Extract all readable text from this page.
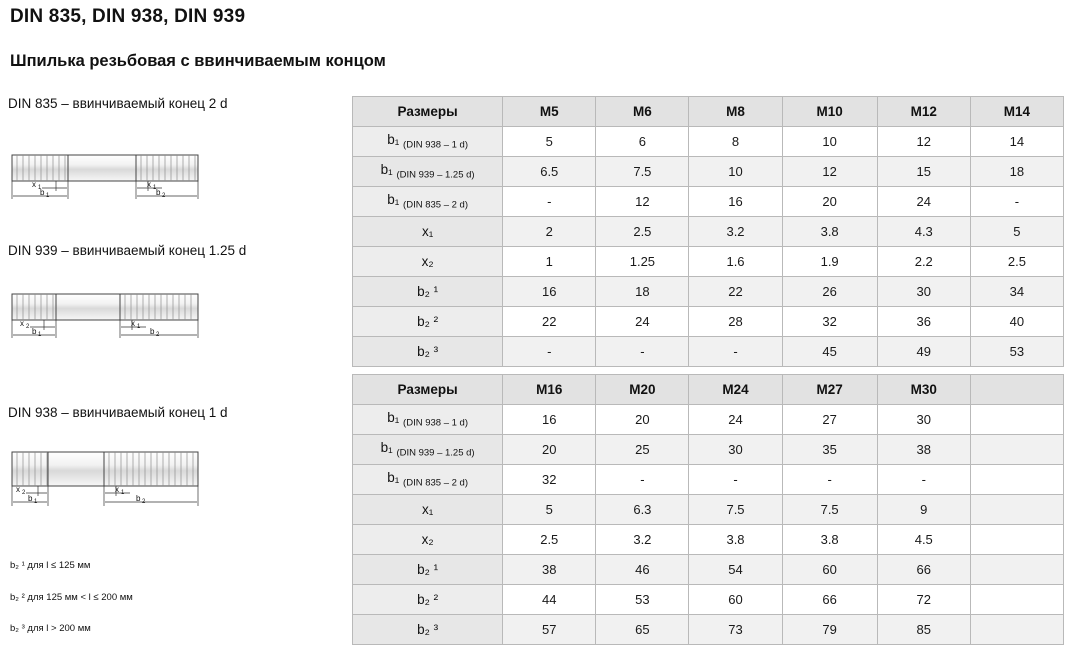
DIN 835, DIN 938, DIN 939
Шпилька резьбовая с ввинчиваемым концом
DIN 835 – ввинчиваемый конец 2 d
x 1
b 1
x 1 b 2
DIN 939 – ввинчиваемый конец 1.25 d
x 2 b 1
x 1 b 2
DIN 938 – ввинчиваемый конец 1 d
x 2
b 1
x 1
b 2
b₂ ¹ для l ≤ 125 мм
b₂ ² для 125 мм < l ≤ 200 мм
b₂ ³ для l > 200 мм
Размеры	M5	M6	M8	M10	M12	M14
b₁ $_{(DIN 938 - 1 d)}$	5	6	8	10	12	14
b₁ $_{(DIN 939 - 1.25 d)}$	6.5	7.5	10	12	15	18
b₁ $_{(DIN 835 - 2 d)}$	-	12	16	20	24	-
x₁	2	2.5	3.2	3.8	4.3	5
x₂	1	1.25	1.6	1.9	2.2	2.5
b₂ ¹	16	18	22	26	30	34
b₂ ²	22	24	28	32	36	40
b₂ ³	-	-	-	45	49	53
Размеры	M16	M20	M24	M27	M30	
b₁ $_{(DIN 938 - 1 d)}$	16	20	24	27	30	
b₁ $_{(DIN 939 - 1.25 d)}$	20	25	30	35	38	
b₁ $_{(DIN 835 - 2 d)}$	32	-	-	-	-	
x₁	5	6.3	7.5	7.5	9	
x₂	2.5	3.2	3.8	3.8	4.5	
b₂ ¹	38	46	54	60	66	
b₂ ²	44	53	60	66	72	
b₂ ³	57	65	73	79	85	
